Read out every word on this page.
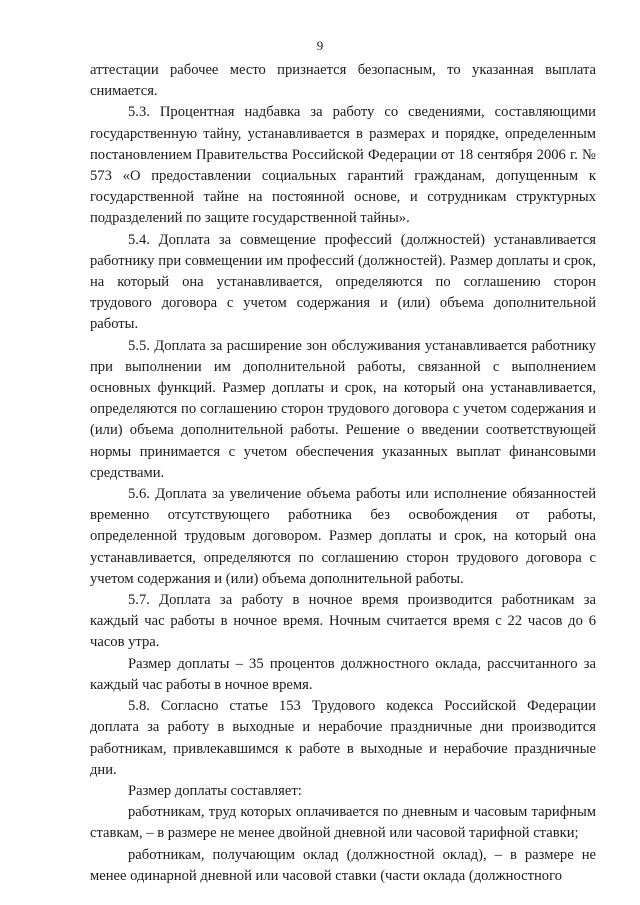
9

аттестации рабочее место признается безопасным, то указанная выплата снимается.

5.3. Процентная надбавка за работу со сведениями, составляющими государственную тайну, устанавливается в размерах и порядке, определенным постановлением Правительства Российской Федерации от 18 сентября 2006 г. № 573 «О предоставлении социальных гарантий гражданам, допущенным к государственной тайне на постоянной основе, и сотрудникам структурных подразделений по защите государственной тайны».

5.4. Доплата за совмещение профессий (должностей) устанавливается работнику при совмещении им профессий (должностей). Размер доплаты и срок, на который она устанавливается, определяются по соглашению сторон трудового договора с учетом содержания и (или) объема дополнительной работы.

5.5. Доплата за расширение зон обслуживания устанавливается работнику при выполнении им дополнительной работы, связанной с выполнением основных функций. Размер доплаты и срок, на который она устанавливается, определяются по соглашению сторон трудового договора с учетом содержания и (или) объема дополнительной работы. Решение о введении соответствующей нормы принимается с учетом обеспечения указанных выплат финансовыми средствами.

5.6. Доплата за увеличение объема работы или исполнение обязанностей временно отсутствующего работника без освобождения от работы, определенной трудовым договором. Размер доплаты и срок, на который она устанавливается, определяются по соглашению сторон трудового договора с учетом содержания и (или) объема дополнительной работы.

5.7. Доплата за работу в ночное время производится работникам за каждый час работы в ночное время. Ночным считается время с 22 часов до 6 часов утра.

Размер доплаты – 35 процентов должностного оклада, рассчитанного за каждый час работы в ночное время.

5.8. Согласно статье 153 Трудового кодекса Российской Федерации доплата за работу в выходные и нерабочие праздничные дни производится работникам, привлекавшимся к работе в выходные и нерабочие праздничные дни.

Размер доплаты составляет:

работникам, труд которых оплачивается по дневным и часовым тарифным ставкам, – в размере не менее двойной дневной или часовой тарифной ставки;

работникам, получающим оклад (должностной оклад), – в размере не менее одинарной дневной или часовой ставки (части оклада (должностного
